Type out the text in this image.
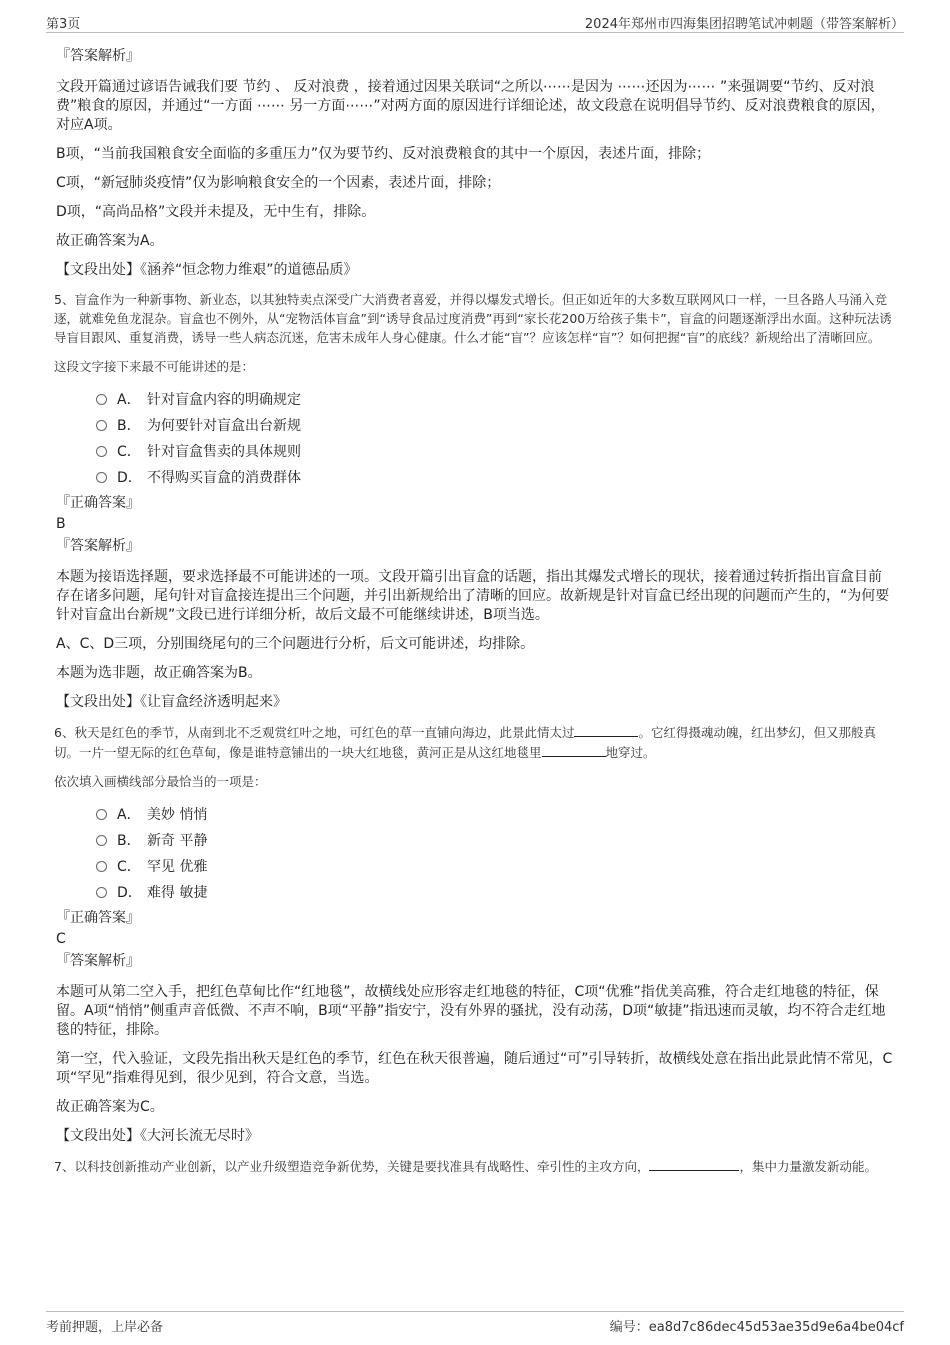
第3页	2024年郑州市四海集团招聘笔试冲刺题（带答案解析）
『答案解析』

文段开篇通过谚语告诫我们要 节约 、 反对浪费 ，接着通过因果关联词“之所以⋯⋯是因为 ⋯⋯还因为⋯⋯ ”来强调要“节约、反对浪费”粮食的原因，并通过“一方面 ⋯⋯ 另一方面⋯⋯”对两方面的原因进行详细论述，故文段意在说明倡导节约、反对浪费粮食的原因，对应A项。

B项，“当前我国粮食安全面临的多重压力”仅为要节约、反对浪费粮食的其中一个原因，表述片面，排除；

C项，“新冠肺炎疫情”仅为影响粮食安全的一个因素，表述片面，排除；

D项，“高尚品格”文段并未提及，无中生有，排除。

故正确答案为A。

【文段出处】《涵养“恒念物力维艰”的道德品质》

5、盲盒作为一种新事物、新业态，以其独特卖点深受广大消费者喜爱，并得以爆发式增长。但正如近年的大多数互联网风口一样，一旦各路人马涌入竞逐，就难免鱼龙混杂。盲盒也不例外，从“宠物活体盲盒”到“诱导食品过度消费”再到“家长花200万给孩子集卡”，盲盒的问题逐渐浮出水面。这种玩法诱导盲目跟风、重复消费，诱导一些人病态沉迷，危害未成年人身心健康。什么才能“盲”？应该怎样“盲”？如何把握“盲”的底线？新规给出了清晰回应。

这段文字接下来最不可能讲述的是：

A． 针对盲盒内容的明确规定
B． 为何要针对盲盒出台新规
C． 针对盲盒售卖的具体规则
D． 不得购买盲盒的消费群体
『正确答案』
B
『答案解析』

本题为接语选择题，要求选择最不可能讲述的一项。文段开篇引出盲盒的话题，指出其爆发式增长的现状，接着通过转折指出盲盒目前存在诸多问题，尾句针对盲盒接连提出三个问题，并引出新规给出了清晰的回应。故新规是针对盲盒已经出现的问题而产生的，“为何要针对盲盒出台新规”文段已进行详细分析，故后文最不可能继续讲述，B项当选。

A、C、D三项，分别围绕尾句的三个问题进行分析，后文可能讲述，均排除。

本题为选非题，故正确答案为B。

【文段出处】《让盲盒经济透明起来》

6、秋天是红色的季节，从南到北不乏观赏红叶之地，可红色的草一直铺向海边，此景此情太过	。它红得摄魂动魄，红出梦幻，但又那般真切。一片一望无际的红色草甸，像是谁特意铺出的一块大红地毯，黄河正是从这红地毯里	地穿过。

依次填入画横线部分最恰当的一项是：

A． 美妙 悄悄
B． 新奇 平静
C． 罕见 优雅
D． 难得 敏捷
『正确答案』
C
『答案解析』

本题可从第二空入手，把红色草甸比作“红地毯”，故横线处应形容走红地毯的特征，C项“优雅”指优美高雅，符合走红地毯的特征，保留。A项“悄悄”侧重声音低微、不声不响，B项“平静”指安宁，没有外界的骚扰，没有动荡，D项“敏捷”指迅速而灵敏，均不符合走红地毯的特征，排除。

第一空，代入验证，文段先指出秋天是红色的季节，红色在秋天很普遍，随后通过“可”引导转折，故横线处意在指出此景此情不常见，C项“罕见”指难得见到，很少见到，符合文意，当选。

故正确答案为C。

【文段出处】《大河长流无尽时》

7、以科技创新推动产业创新，以产业升级塑造竞争新优势，关键是要找准具有战略性、牵引性的主攻方向，	，集中力量激发新动能。

考前押题，上岸必备	编号：ea8d7c86dec45d53ae35d9e6a4be04cf
